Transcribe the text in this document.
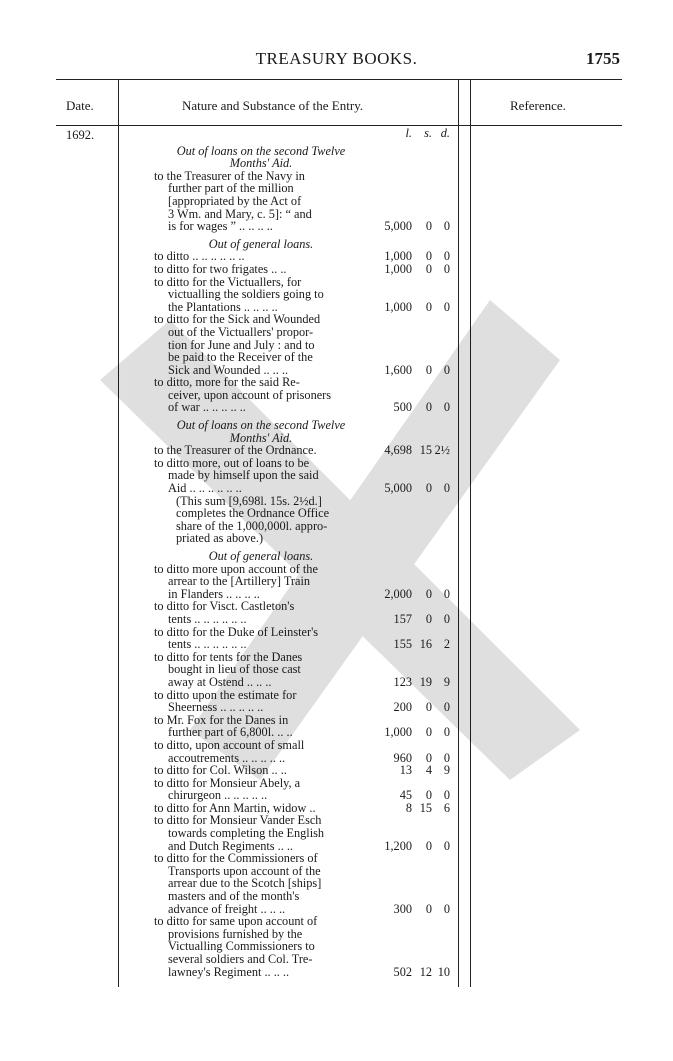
TREASURY BOOKS.	1755
Date.	Nature and Substance of the Entry.	Reference.
1692.	l. s. d.
Out of loans on the second Twelve
Months' Aid.
to the Treasurer of the Navy in
further part of the million
[appropriated by the Act of
3 Wm. and Mary, c. 5]: “ and
is for wages ” .. .. .. ..	5,000	0 0
Out of general loans.
to ditto .. .. .. .. .. ..	1,000	0 0
to ditto for two frigates .. ..	1,000	0 0
to ditto for the Victuallers, for
victualling the soldiers going to
the Plantations .. .. .. ..	1,000	0 0
to ditto for the Sick and Wounded
out of the Victuallers' propor-
tion for June and July : and to
be paid to the Receiver of the
Sick and Wounded .. .. ..	1,600	0 0
to ditto, more for the said Re-
ceiver, upon account of prisoners
of war .. .. .. .. ..	500	0 0
Out of loans on the second Twelve
Months' Aid.
to the Treasurer of the Ordnance.	4,698 15 2½
to ditto more, out of loans to be
made by himself upon the said
Aid .. .. .. .. .. ..	5,000	0 0
(This sum [9,698l. 15s. 2½d.]
completes the Ordnance Office
share of the 1,000,000l. appro-
priated as above.)
Out of general loans.
to ditto more upon account of the
arrear to the [Artillery] Train
in Flanders .. .. .. ..	2,000	0 0
to ditto for Visct. Castleton's
tents .. .. .. .. .. ..	157	0 0
to ditto for the Duke of Leinster's
tents .. .. .. .. .. ..	155 16 2
to ditto for tents for the Danes
bought in lieu of those cast
away at Ostend .. .. ..	123 19 9
to ditto upon the estimate for
Sheerness .. .. .. .. ..	200	0 0
to Mr. Fox for the Danes in
further part of 6,800l. .. ..	1,000	0 0
to ditto, upon account of small
accoutrements .. .. .. .. ..	960	0 0
to ditto for Col. Wilson .. ..	13	4 9
to ditto for Monsieur Abely, a
chirurgeon .. .. .. .. ..	45	0 0
to ditto for Ann Martin, widow ..	8 15 6
to ditto for Monsieur Vander Esch
towards completing the English
and Dutch Regiments .. ..	1,200	0 0
to ditto for the Commissioners of
Transports upon account of the
arrear due to the Scotch [ships]
masters and of the month's
advance of freight .. .. ..	300	0 0
to ditto for same upon account of
provisions furnished by the
Victualling Commissioners to
several soldiers and Col. Tre-
lawney's Regiment .. .. ..	502 12 10
